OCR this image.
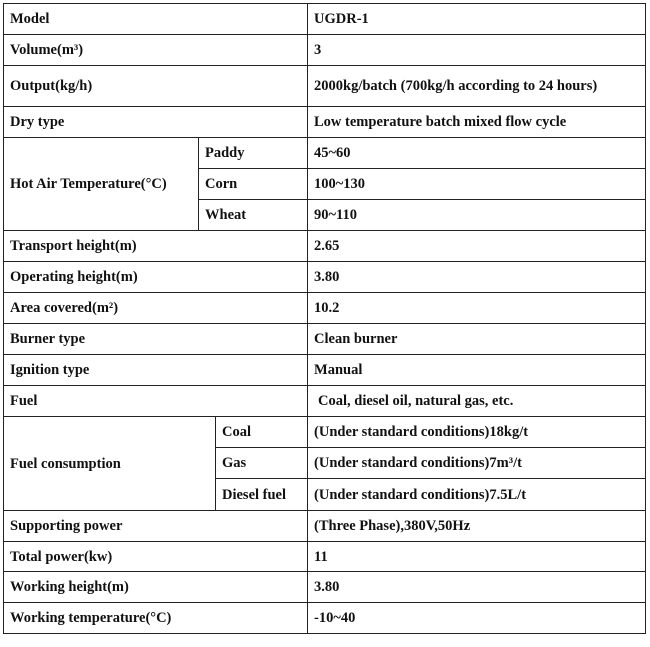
Model			UGDR-1
Volume(m³)			3
Output(kg/h)			2000kg/batch (700kg/h according to 24 hours)
Dry type			Low temperature batch mixed flow cycle
Hot Air Temperature(°C)	Paddy		45~60
	Corn		100~130
	Wheat		90~110
Transport height(m)			2.65
Operating height(m)			3.80
Area covered(m²)			10.2
Burner type			Clean burner
Ignition type			Manual
Fuel			Coal, diesel oil, natural gas, etc.
Fuel consumption		Coal	(Under standard conditions)18kg/t
		Gas	(Under standard conditions)7m³/t
		Diesel fuel	(Under standard conditions)7.5L/t
Supporting power			(Three Phase),380V,50Hz
Total power(kw)			11
Working height(m)			3.80
Working temperature(°C)			-10~40
